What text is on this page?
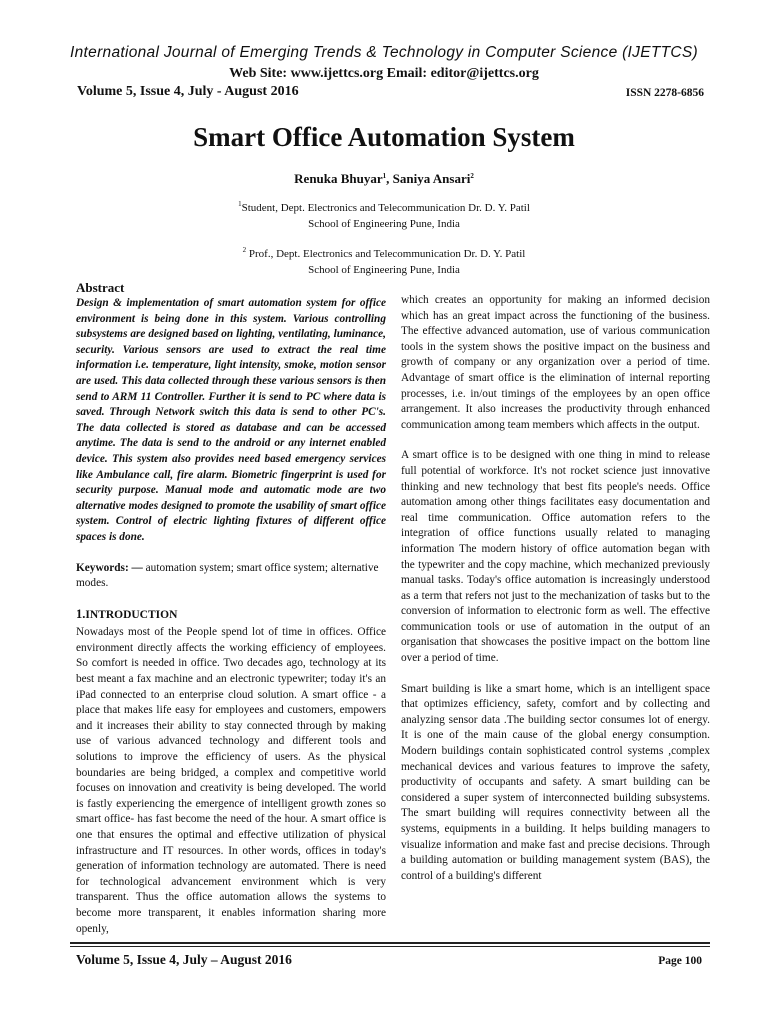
International Journal of Emerging Trends & Technology in Computer Science (IJETTCS)
Web Site: www.ijettcs.org Email: editor@ijettcs.org
Volume 5, Issue 4, July - August 2016	ISSN 2278-6856
Smart Office Automation System
Renuka Bhuyar$^1$, Saniya Ansari$^2$
$^1$Student, Dept. Electronics and Telecommunication Dr. D. Y. Patil
School of Engineering Pune, India
$^2$ Prof., Dept. Electronics and Telecommunication Dr. D. Y. Patil
School of Engineering Pune, India

Abstract

Design & implementation of smart automation system for office environment is being done in this system. Various controlling subsystems are designed based on lighting, ventilating, luminance, security. Various sensors are used to extract the real time information i.e. temperature, light intensity, smoke, motion sensor are used. This data collected through these various sensors is then send to ARM 11 Controller. Further it is send to PC where data is saved. Through Network switch this data is send to other PC's. The data collected is stored as database and can be accessed anytime. The data is send to the android or any internet enabled device. This system also provides need based emergency services like Ambulance call, fire alarm. Biometric fingerprint is used for security purpose. Manual mode and automatic mode are two alternative modes designed to promote the usability of smart office system. Control of electric lighting fixtures of different office spaces is done.

Keywords: — automation system; smart office system; alternative modes.

1.INTRODUCTION

Nowadays most of the People spend lot of time in offices. Office environment directly affects the working efficiency of employees. So comfort is needed in office. Two decades ago, technology at its best meant a fax machine and an electronic typewriter; today it's an iPad connected to an enterprise cloud solution. A smart office - a place that makes life easy for employees and customers, empowers and it increases their ability to stay connected through by making use of various advanced technology and different tools and solutions to improve the efficiency of users. As the physical boundaries are being bridged, a complex and competitive world focuses on innovation and creativity is being developed. The world is fastly experiencing the emergence of intelligent growth zones so smart office- has fast become the need of the hour. A smart office is one that ensures the optimal and effective utilization of physical infrastructure and IT resources. In other words, offices in today's generation of information technology are automated. There is need for technological advancement environment which is very transparent. Thus the office automation allows the systems to become more transparent, it enables information sharing more openly,

which creates an opportunity for making an informed decision which has an great impact across the functioning of the business. The effective advanced automation, use of various communication tools in the system shows the positive impact on the business and growth of company or any organization over a period of time. Advantage of smart office is the elimination of internal reporting processes, i.e. in/out timings of the employees by an open office arrangement. It also increases the productivity through enhanced communication among team members which affects in the output.

A smart office is to be designed with one thing in mind to release full potential of workforce. It's not rocket science just innovative thinking and new technology that best fits people's needs. Office automation among other things facilitates easy documentation and real time communication. Office automation refers to the integration of office functions usually related to managing information The modern history of office automation began with the typewriter and the copy machine, which mechanized previously manual tasks. Today's office automation is increasingly understood as a term that refers not just to the mechanization of tasks but to the conversion of information to electronic form as well. The effective communication tools or use of automation in the output of an organisation that showcases the positive impact on the bottom line over a period of time.

Smart building is like a smart home, which is an intelligent space that optimizes efficiency, safety, comfort and by collecting and analyzing sensor data .The building sector consumes lot of energy. It is one of the main cause of the global energy consumption. Modern buildings contain sophisticated control systems ,complex mechanical devices and various features to improve the safety, productivity of occupants and safety. A smart building can be considered a super system of interconnected building subsystems. The smart building will requires connectivity between all the systems, equipments in a building. It helps building managers to visualize information and make fast and precise decisions. Through a building automation or building management system (BAS), the control of a building's different

Volume 5, Issue 4, July – August 2016	Page 100
